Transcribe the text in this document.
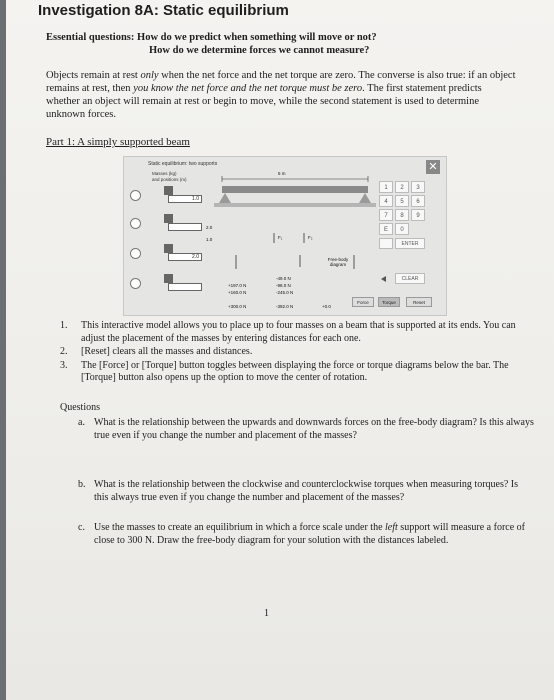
Investigation 8A: Static equilibrium
Essential questions: How do we predict when something will move or not?
How do we determine forces we cannot measure?
Objects remain at rest only when the net force and the net torque are zero. The converse is also true: if an object remains at rest, then you know the net force and the net torque must be zero. The first statement predicts whether an object will remain at rest or begin to move, while the second statement is used to determine unknown forces.
Part 1: A simply supported beam
Static equilibrium: two supports
Masses (kg)
and positions (m)
1.0
2.0
2.0
1.0
5 m
F₁	F₂
Free-body diagram
+197.0 N
+160.0 N
+300.0 N
-49.0 N
-98.0 N
-245.0 N
-392.0 N	+0.0
✕
1	2	3
4	5	6
7	8	9
E	0
ENTER
CLEAR
Force	Torque	Reset
1. This interactive model allows you to place up to four masses on a beam that is supported at its ends. You can adjust the placement of the masses by entering distances for each one.
2. [Reset] clears all the masses and distances.
3. The [Force] or [Torque] button toggles between displaying the force or torque diagrams below the bar. The [Torque] button also opens up the option to move the center of rotation.
Questions
a. What is the relationship between the upwards and downwards forces on the free-body diagram? Is this always true even if you change the number and placement of the masses?
b. What is the relationship between the clockwise and counterclockwise torques when measuring torques? Is this always true even if you change the number and placement of the masses?
c. Use the masses to create an equilibrium in which a force scale under the left support will measure a force of close to 300 N. Draw the free-body diagram for your solution with the distances labeled.
1
